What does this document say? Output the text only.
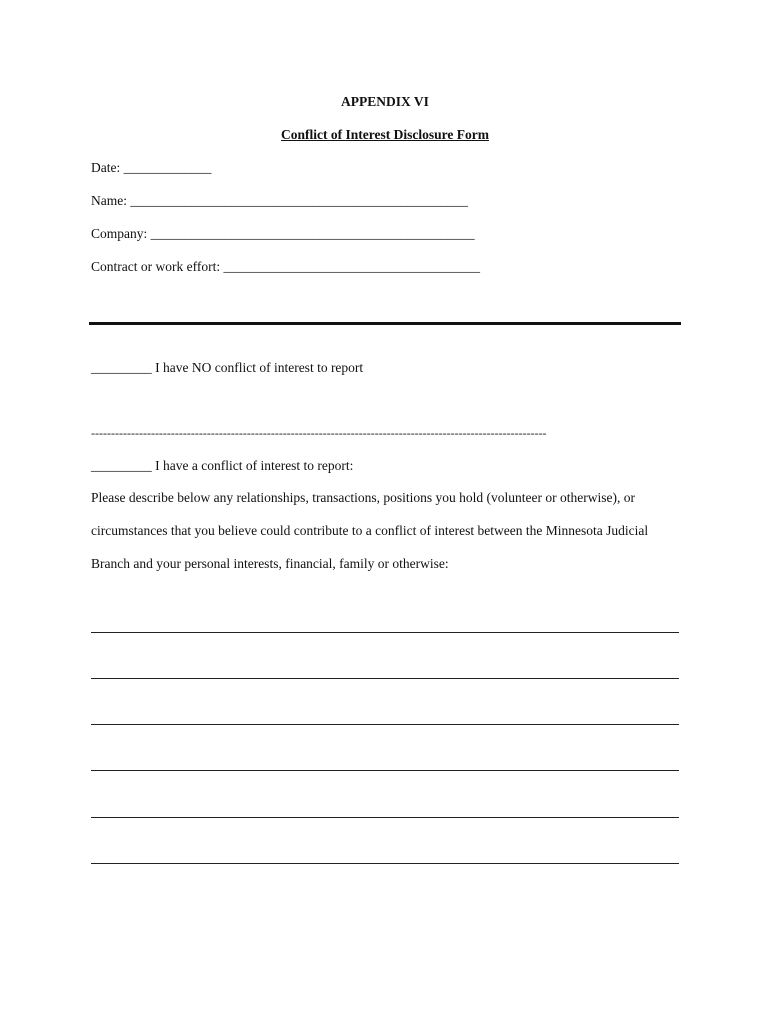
APPENDIX VI

Conflict of Interest Disclosure Form

Date: _____________

Name: __________________________________________________

Company: ________________________________________________

Contract or work effort: ______________________________________

_________ I have NO conflict of interest to report

------------------------------------------------------------------------------------------------------------------

_________ I have a conflict of interest to report:

Please describe below any relationships, transactions, positions you hold (volunteer or otherwise), or

circumstances that you believe could contribute to a conflict of interest between the Minnesota Judicial

Branch and your personal interests, financial, family or otherwise:
